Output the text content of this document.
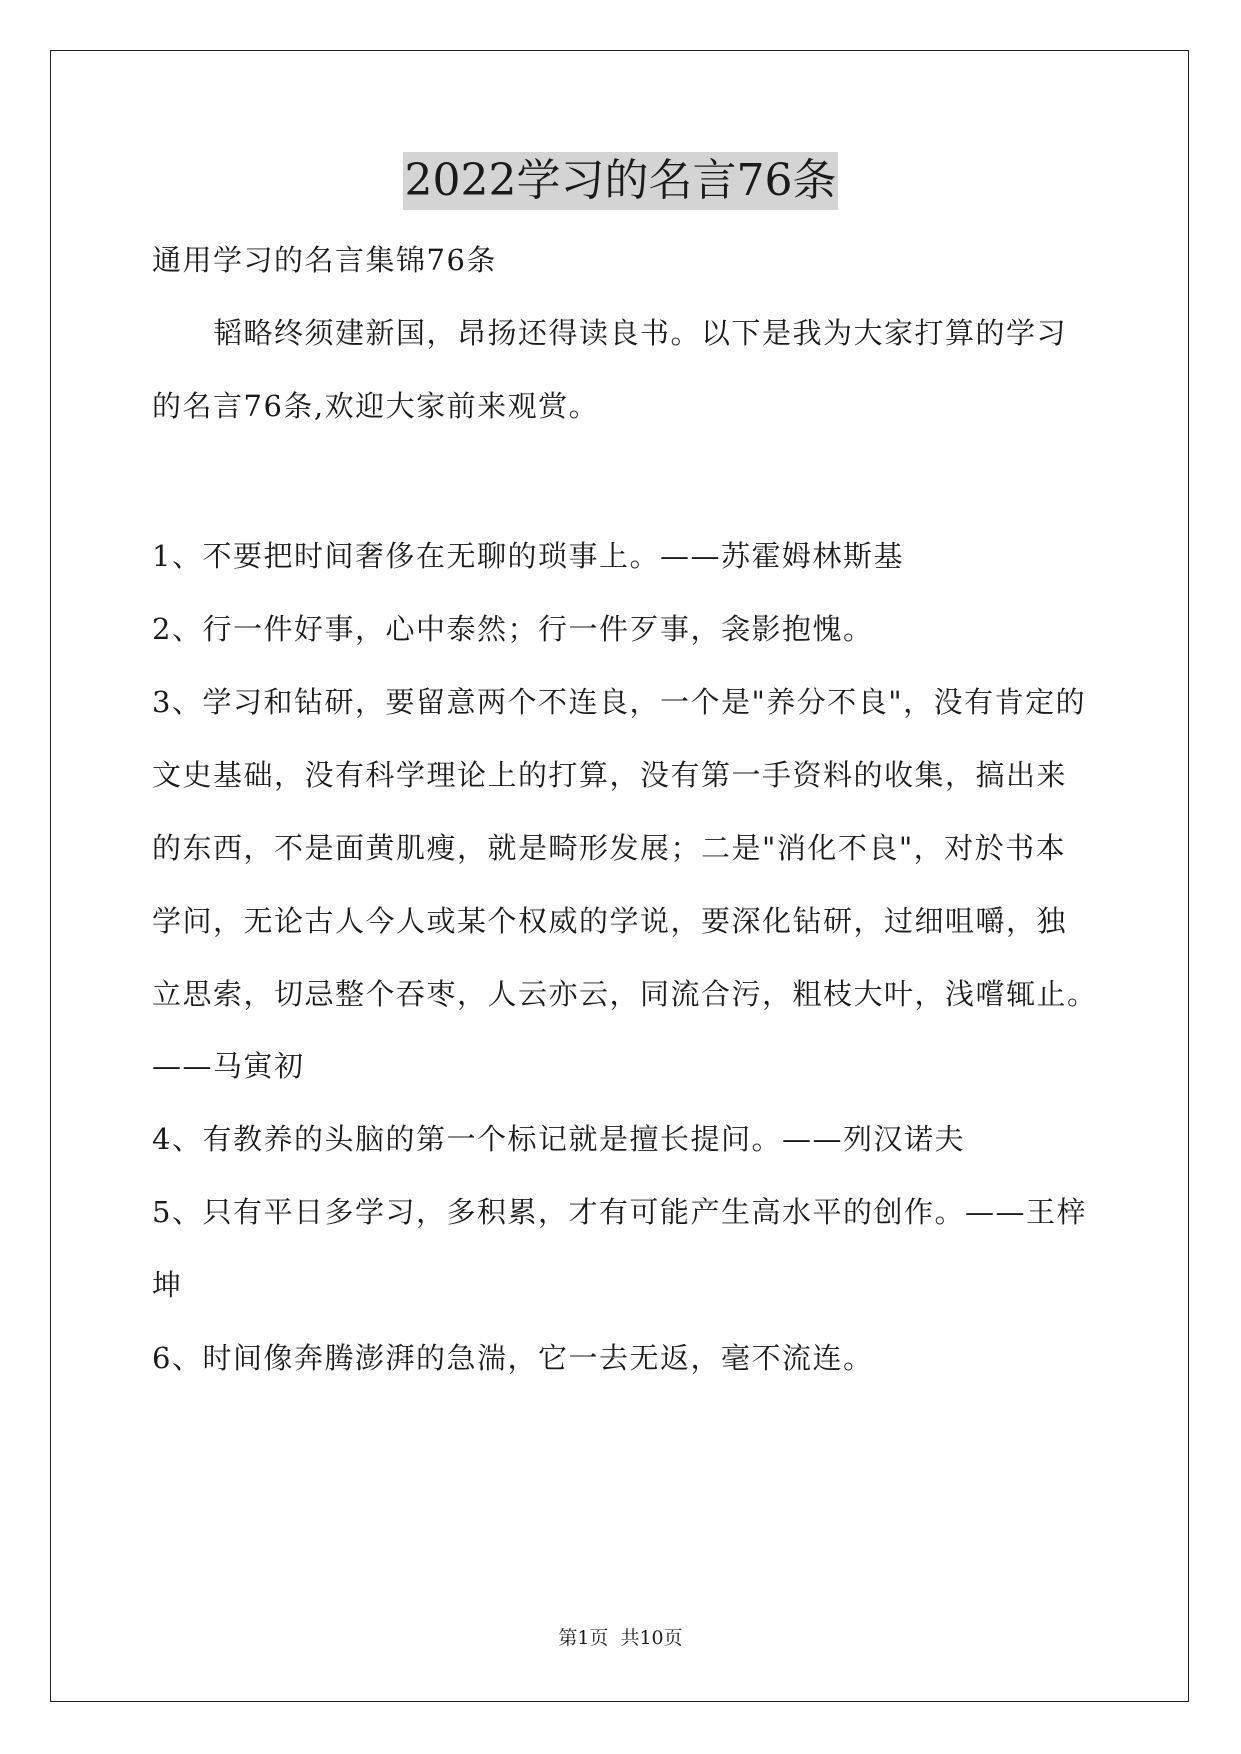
2022学习的名言76条
通用学习的名言集锦76条
　　韬略终须建新国，昂扬还得读良书。以下是我为大家打算的学习
的名言76条,欢迎大家前来观赏。
1、不要把时间奢侈在无聊的琐事上。——苏霍姆林斯基
2、行一件好事，心中泰然；行一件歹事，衾影抱愧。
3、学习和钻研，要留意两个不连良，一个是"养分不良"，没有肯定的
文史基础，没有科学理论上的打算，没有第一手资料的收集，搞出来
的东西，不是面黄肌瘦，就是畸形发展；二是"消化不良"，对於书本
学问，无论古人今人或某个权威的学说，要深化钻研，过细咀嚼，独
立思索，切忌整个吞枣，人云亦云，同流合污，粗枝大叶，浅嚐辄止。
——马寅初
4、有教养的头脑的第一个标记就是擅长提问。——列汉诺夫
5、只有平日多学习，多积累，才有可能产生高水平的创作。——王梓
坤
6、时间像奔腾澎湃的急湍，它一去无返，毫不流连。
第1页 共10页
